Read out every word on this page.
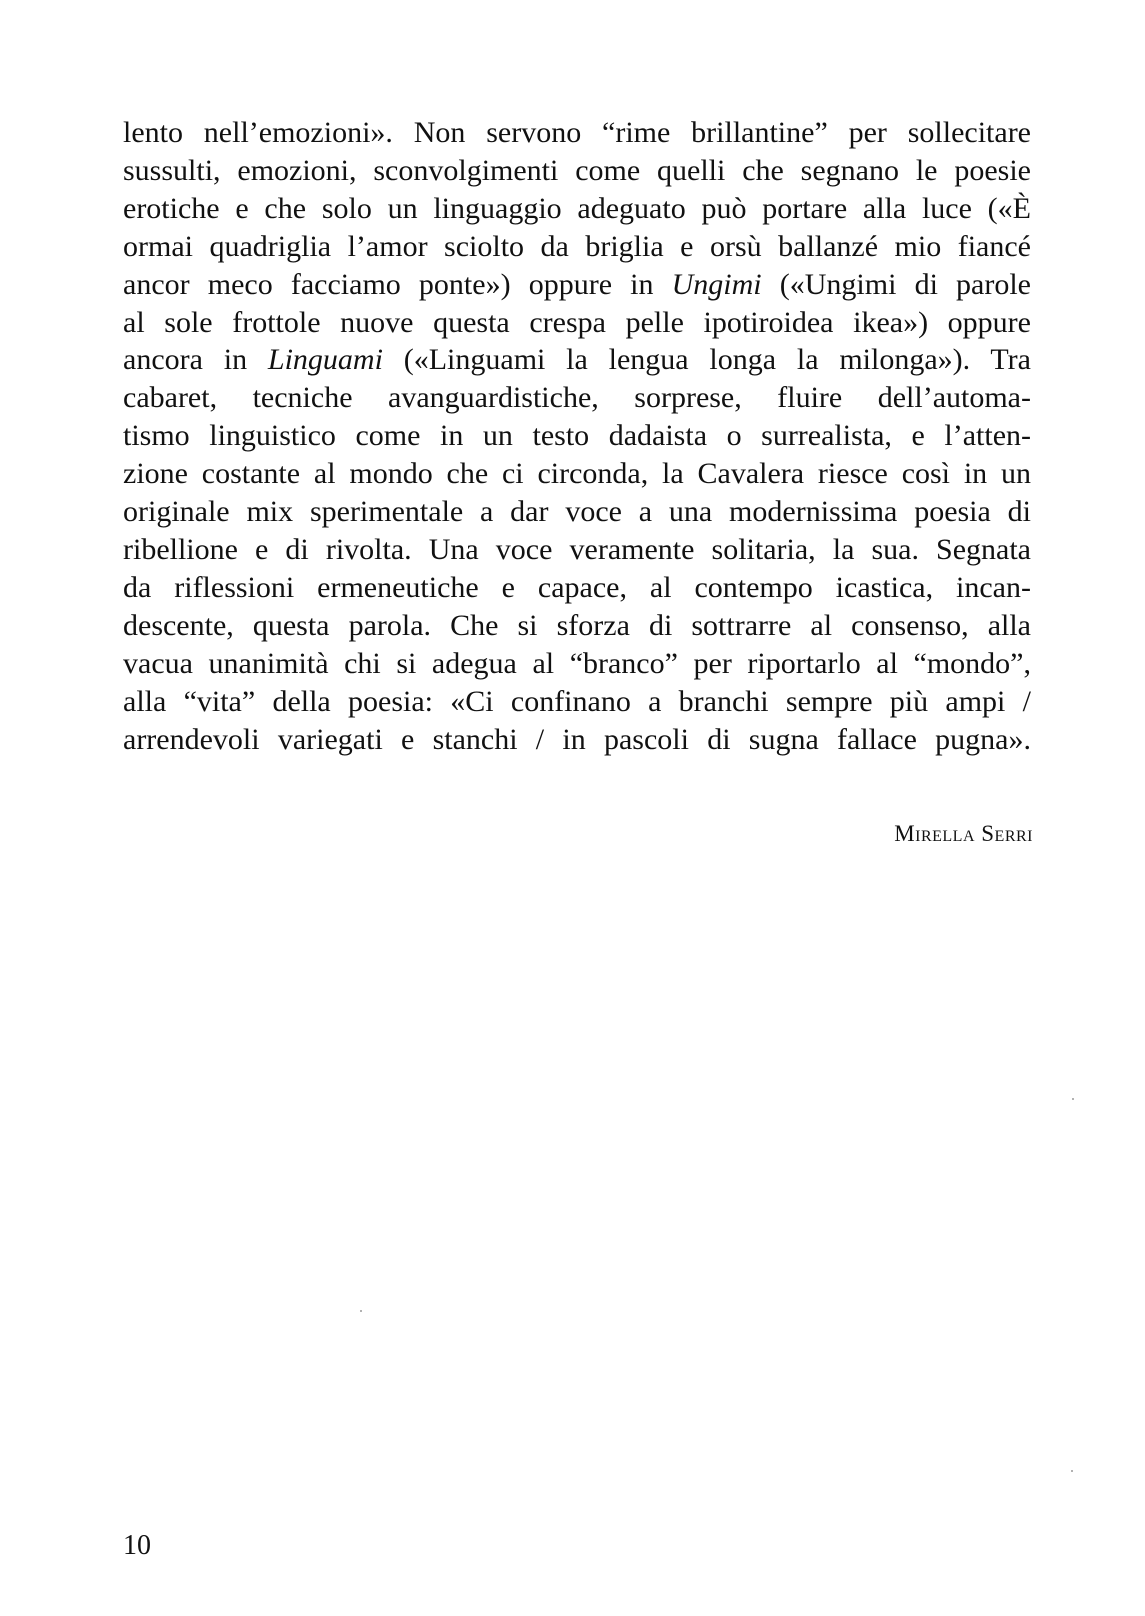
lento nell’emozioni». Non servono “rime brillantine” per sollecitare
sussulti, emozioni, sconvolgimenti come quelli che segnano le poesie
erotiche e che solo un linguaggio adeguato può portare alla luce («È
ormai quadriglia l’amor sciolto da briglia e orsù ballanzé mio fiancé
ancor meco facciamo ponte») oppure in Ungimi («Ungimi di parole
al sole frottole nuove questa crespa pelle ipotiroidea ikea») oppure
ancora in Linguami («Linguami la lengua longa la milonga»). Tra
cabaret, tecniche avanguardistiche, sorprese, fluire dell’automa-
tismo linguistico come in un testo dadaista o surrealista, e l’atten-
zione costante al mondo che ci circonda, la Cavalera riesce così in un
originale mix sperimentale a dar voce a una modernissima poesia di
ribellione e di rivolta. Una voce veramente solitaria, la sua. Segnata
da riflessioni ermeneutiche e capace, al contempo icastica, incan-
descente, questa parola. Che si sforza di sottrarre al consenso, alla
vacua unanimità chi si adegua al “branco” per riportarlo al “mondo”,
alla “vita” della poesia: «Ci confinano a branchi sempre più ampi /
arrendevoli variegati e stanchi / in pascoli di sugna fallace pugna».
Mirella Serri
10
